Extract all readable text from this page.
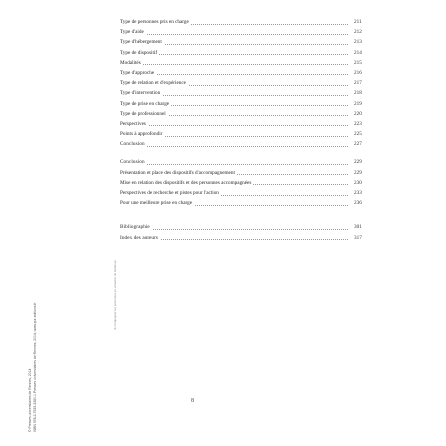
Type de personnes pris en charge	211
Type d'aide	212
Type d'hébergement	213
Type de dispositif	214
Modalités	215
Type d'approche	216
Type de relation et d'expérience	217
Type d'intervention	218
Type de prise en charge	219
Type de professionnel	220
Perspectives	223
Points à approfondir	225
Conclusion	227
Conclusion	229
Présentation et place des dispositifs d'accompagnement	229
Mise en relation des dispositifs et des personnes accompagnées	230
Perspectives de recherche et pistes pour l'action	233
Pour une meilleure prise en charge	236
Bibliographie	301
Index des auteurs	317
© Presses universitaires de Rennes, 2014 ISBN 978-2-7535-3380-1 Presses universitaires de Rennes, 2014, www.pur-editions.fr
Accompagner les personnes en situation de handicap
8
